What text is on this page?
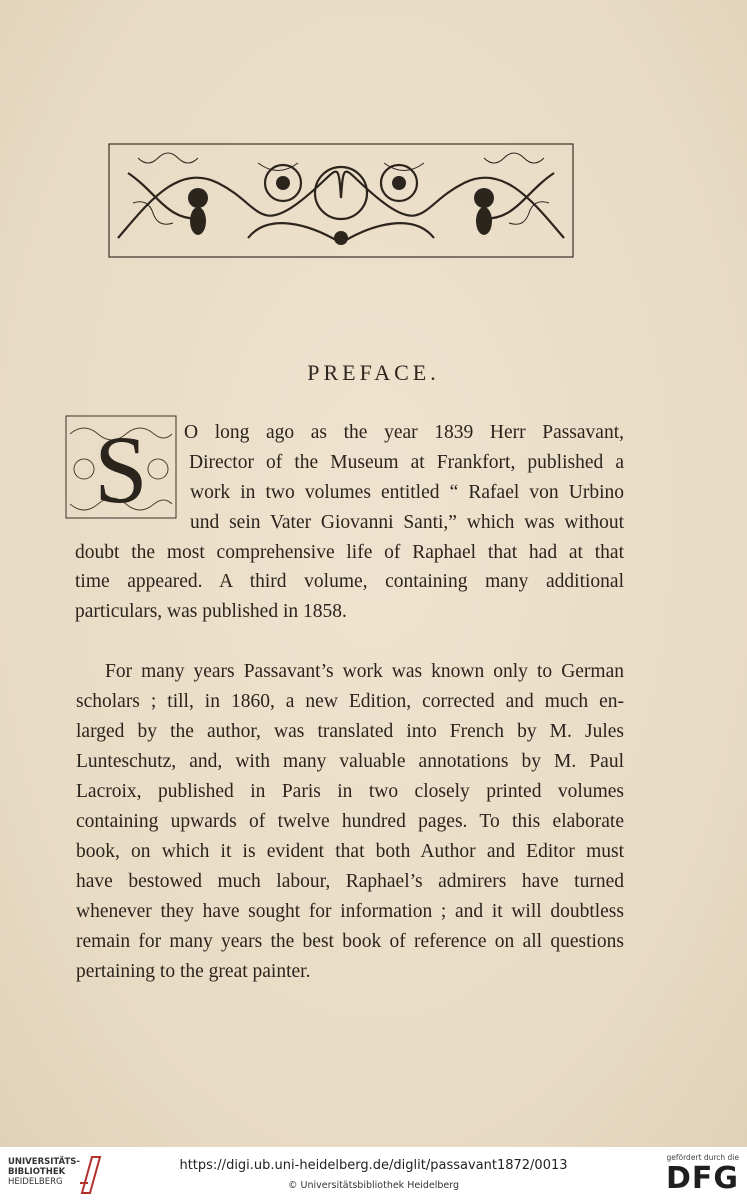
PREFACE.
S O long ago as the year 1839 Herr Passavant,
Director of the Museum at Frankfort, published a
work in two volumes entitled “ Rafael von Urbino
und sein Vater Giovanni Santi,” which was without
doubt the most comprehensive life of Raphael that had at that
time appeared. A third volume, containing many additional
particulars, was published in 1858.
For many years Passavant’s work was known only to German
scholars ; till, in 1860, a new Edition, corrected and much en-
larged by the author, was translated into French by M. Jules
Lunteschutz, and, with many valuable annotations by M. Paul
Lacroix, published in Paris in two closely printed volumes
containing upwards of twelve hundred pages. To this elaborate
book, on which it is evident that both Author and Editor must
have bestowed much labour, Raphael’s admirers have turned
whenever they have sought for information ; and it will doubtless
remain for many years the best book of reference on all questions
pertaining to the great painter.
UNIVERSITÄTS-
BIBLIOTHEK
HEIDELBERG
https://digi.ub.uni-heidelberg.de/diglit/passavant1872/0013
© Universitätsbibliothek Heidelberg
gefördert durch die
DFG
